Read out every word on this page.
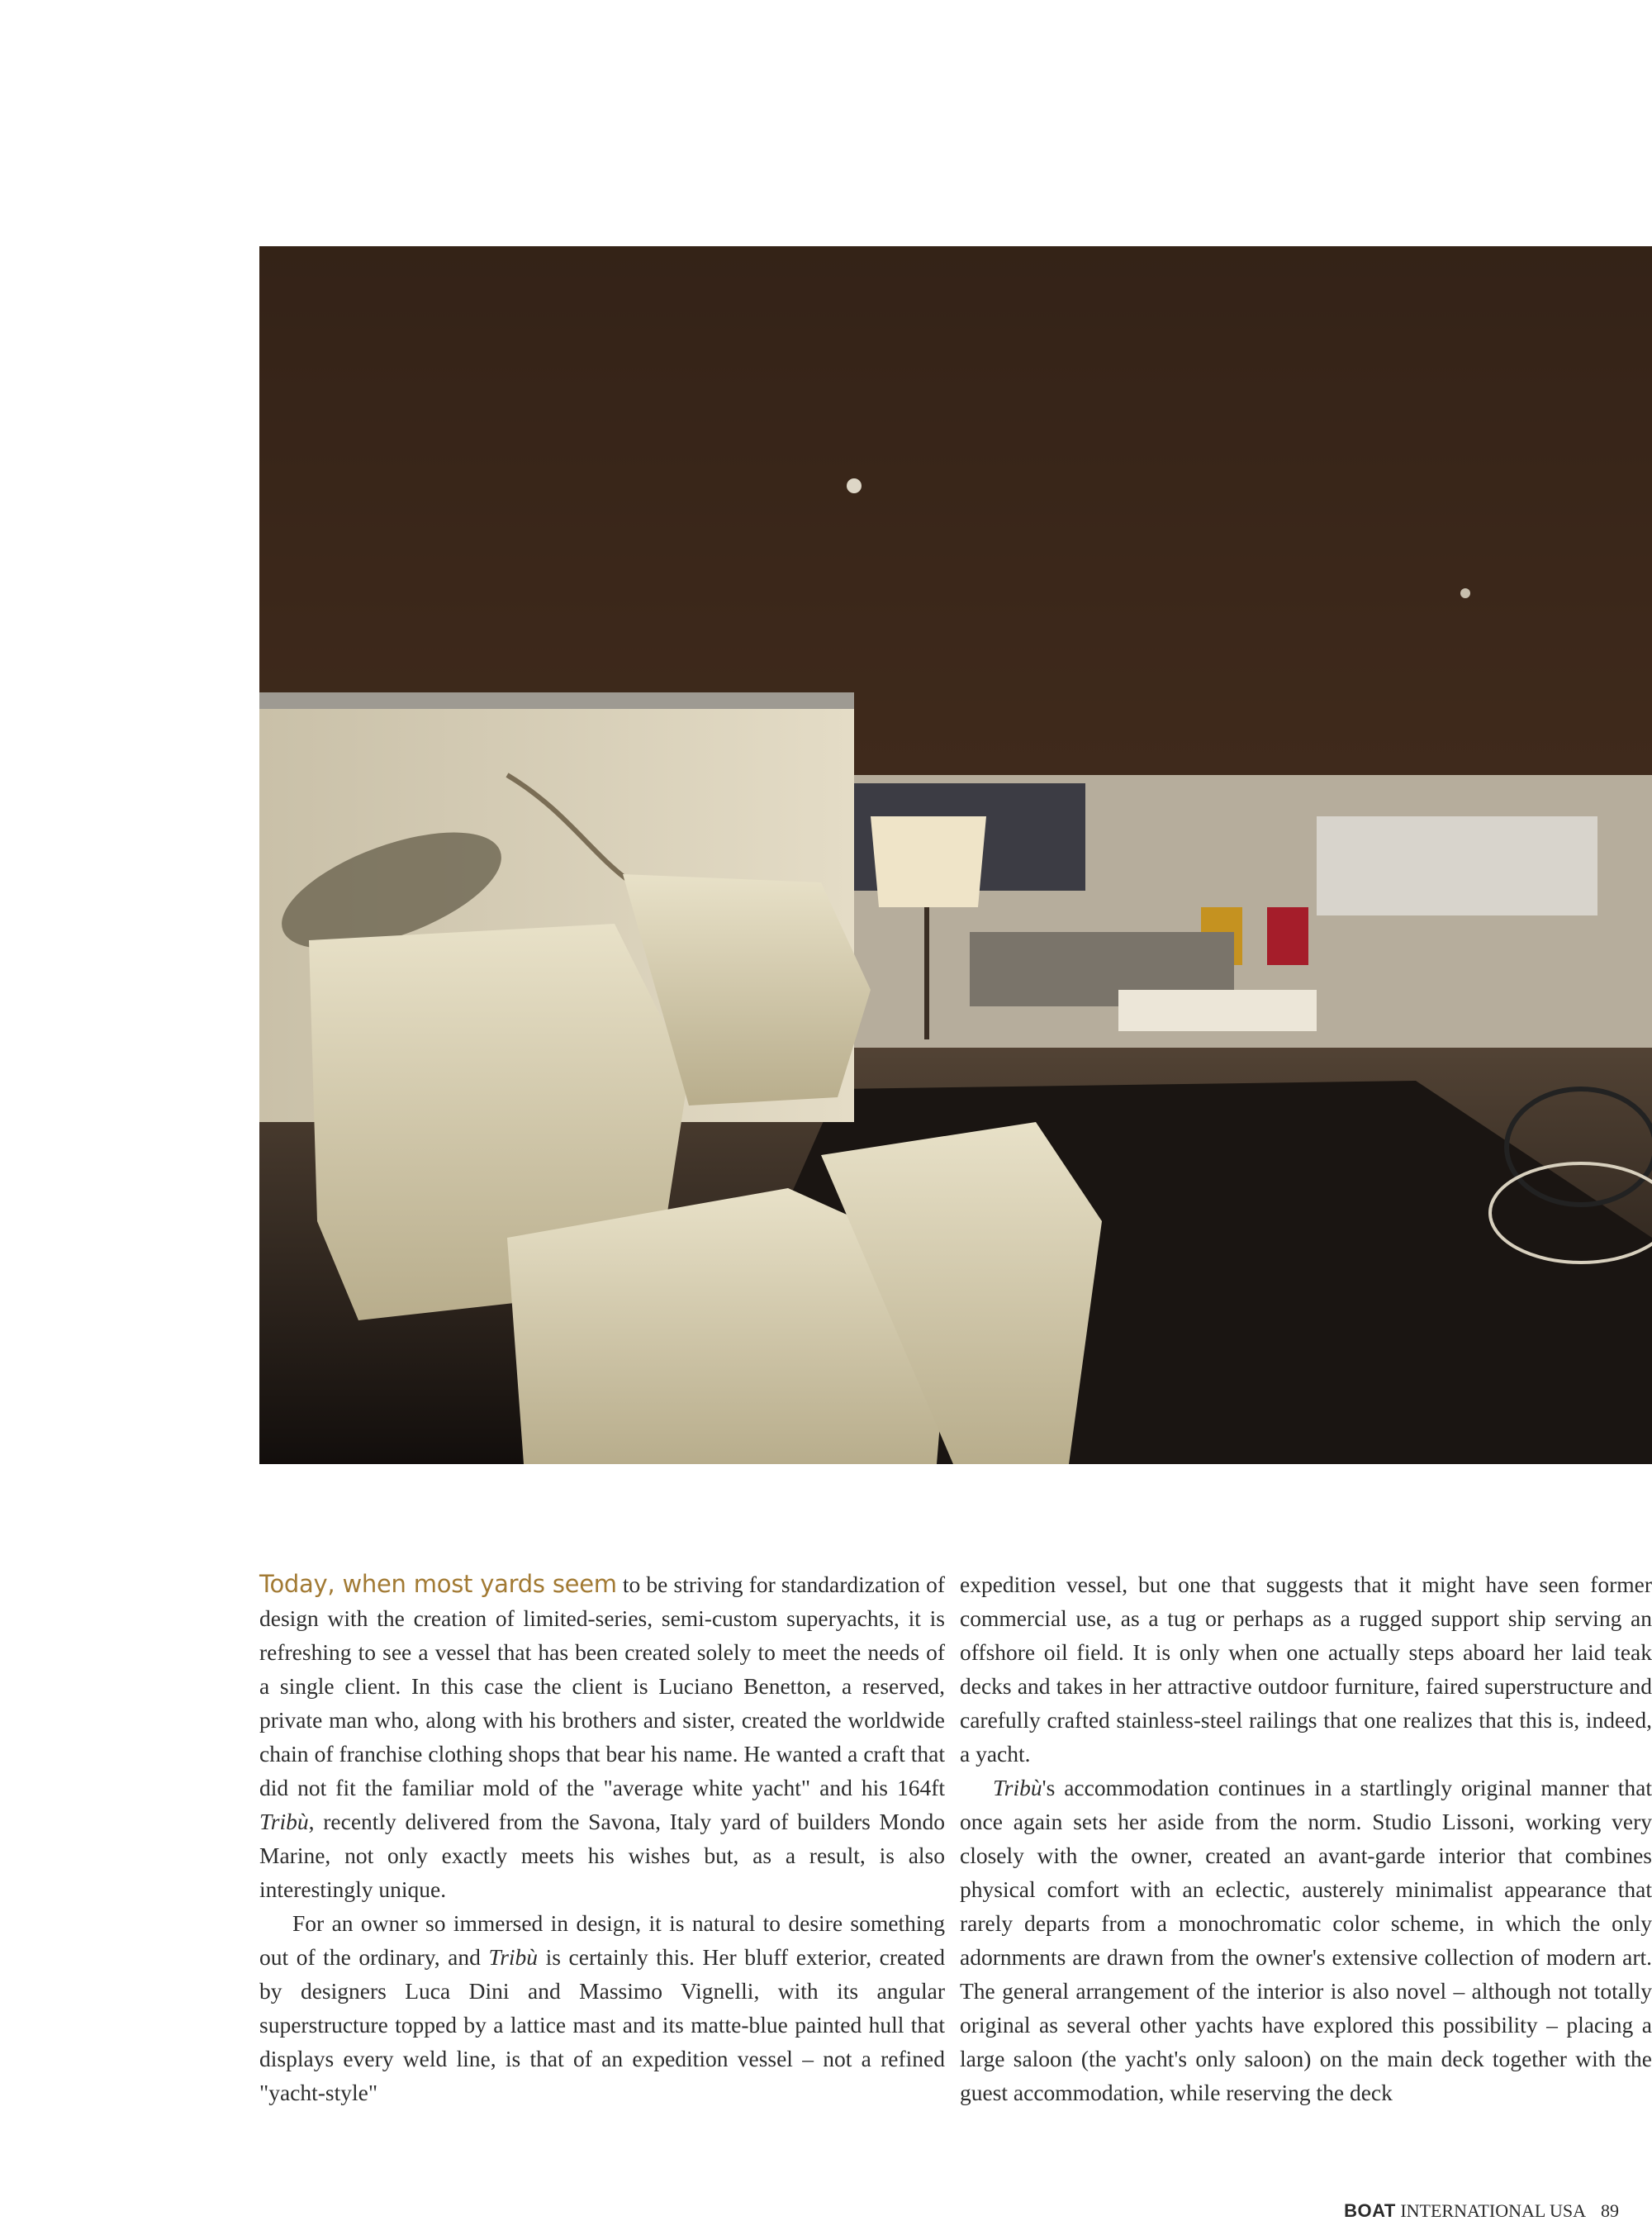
Today, when most yards seem to be striving for standardization of design with the creation of limited-series, semi-custom superyachts, it is refreshing to see a vessel that has been created solely to meet the needs of a single client. In this case the client is Luciano Benetton, a reserved, private man who, along with his brothers and sister, created the worldwide chain of franchise clothing shops that bear his name. He wanted a craft that did not fit the familiar mold of the "average white yacht" and his 164ft Tribù, recently delivered from the Savona, Italy yard of builders Mondo Marine, not only exactly meets his wishes but, as a result, is also interestingly unique.

For an owner so immersed in design, it is natural to desire something out of the ordinary, and Tribù is certainly this. Her bluff exterior, created by designers Luca Dini and Massimo Vignelli, with its angular superstructure topped by a lattice mast and its matte-blue painted hull that displays every weld line, is that of an expedition vessel – not a refined "yacht-style"

expedition vessel, but one that suggests that it might have seen former commercial use, as a tug or perhaps as a rugged support ship serving an offshore oil field. It is only when one actually steps aboard her laid teak decks and takes in her attractive outdoor furniture, faired superstructure and carefully crafted stainless-steel railings that one realizes that this is, indeed, a yacht.

Tribù's accommodation continues in a startlingly original manner that once again sets her aside from the norm. Studio Lissoni, working very closely with the owner, created an avant-garde interior that combines physical comfort with an eclectic, austerely minimalist appearance that rarely departs from a monochromatic color scheme, in which the only adornments are drawn from the owner's extensive collection of modern art. The general arrangement of the interior is also novel – although not totally original as several other yachts have explored this possibility – placing a large saloon (the yacht's only saloon) on the main deck together with the guest accommodation, while reserving the deck

BOAT INTERNATIONAL USA 89
